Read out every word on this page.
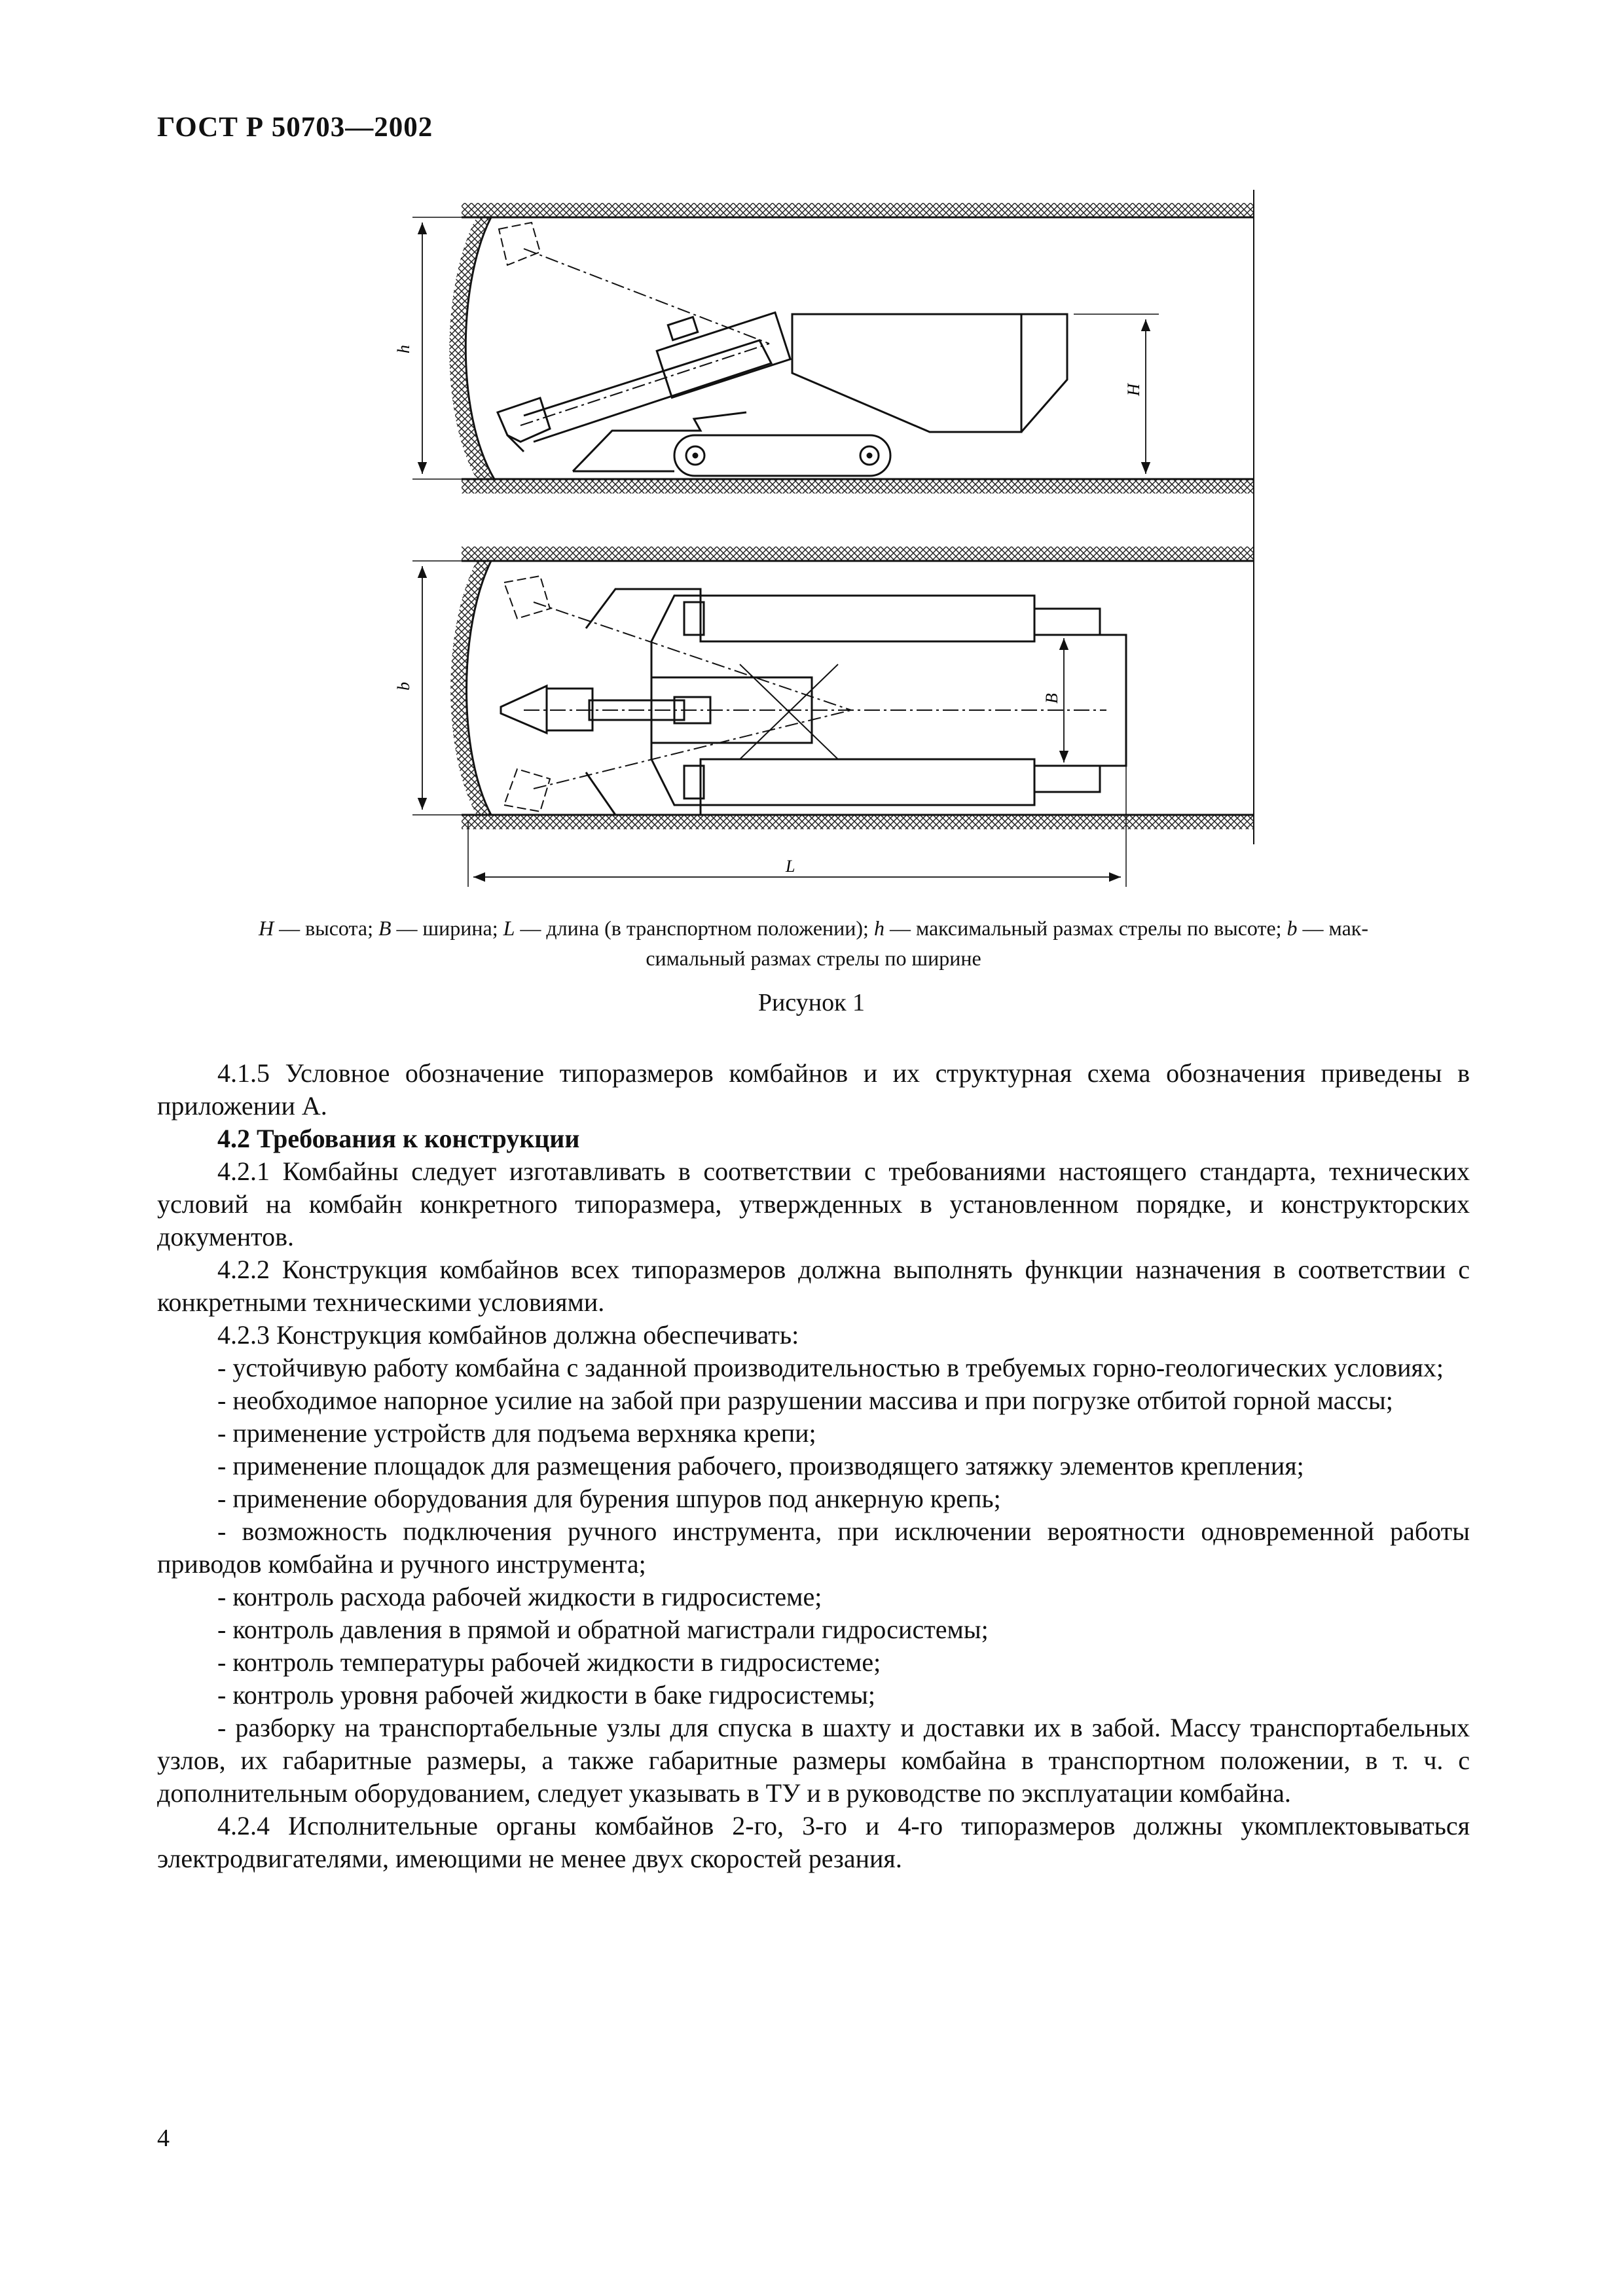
ГОСТ Р 50703—2002
h
H
b
B
L
H — высота; B — ширина; L — длина (в транспортном положении); h — максимальный размах стрелы по высоте; b — мак-
симальный размах стрелы по ширине
Рисунок 1

4.1.5 Условное обозначение типоразмеров комбайнов и их структурная схема обозначения приведены в приложении А.

4.2 Требования к конструкции

4.2.1 Комбайны следует изготавливать в соответствии с требованиями настоящего стандарта, технических условий на комбайн конкретного типоразмера, утвержденных в установленном порядке, и конструкторских документов.

4.2.2 Конструкция комбайнов всех типоразмеров должна выполнять функции назначения в соответствии с конкретными техническими условиями.

4.2.3 Конструкция комбайнов должна обеспечивать:

- устойчивую работу комбайна с заданной производительностью в требуемых горно-геологических условиях;

- необходимое напорное усилие на забой при разрушении массива и при погрузке отбитой горной массы;

- применение устройств для подъема верхняка крепи;

- применение площадок для размещения рабочего, производящего затяжку элементов крепления;

- применение оборудования для бурения шпуров под анкерную крепь;

- возможность подключения ручного инструмента, при исключении вероятности одновременной работы приводов комбайна и ручного инструмента;

- контроль расхода рабочей жидкости в гидросистеме;

- контроль давления в прямой и обратной магистрали гидросистемы;

- контроль температуры рабочей жидкости в гидросистеме;

- контроль уровня рабочей жидкости в баке гидросистемы;

- разборку на транспортабельные узлы для спуска в шахту и доставки их в забой. Массу транспортабельных узлов, их габаритные размеры, а также габаритные размеры комбайна в транспортном положении, в т. ч. с дополнительным оборудованием, следует указывать в ТУ и в руководстве по эксплуатации комбайна.

4.2.4 Исполнительные органы комбайнов 2-го, 3-го и 4-го типоразмеров должны укомплектовываться электродвигателями, имеющими не менее двух скоростей резания.

4
